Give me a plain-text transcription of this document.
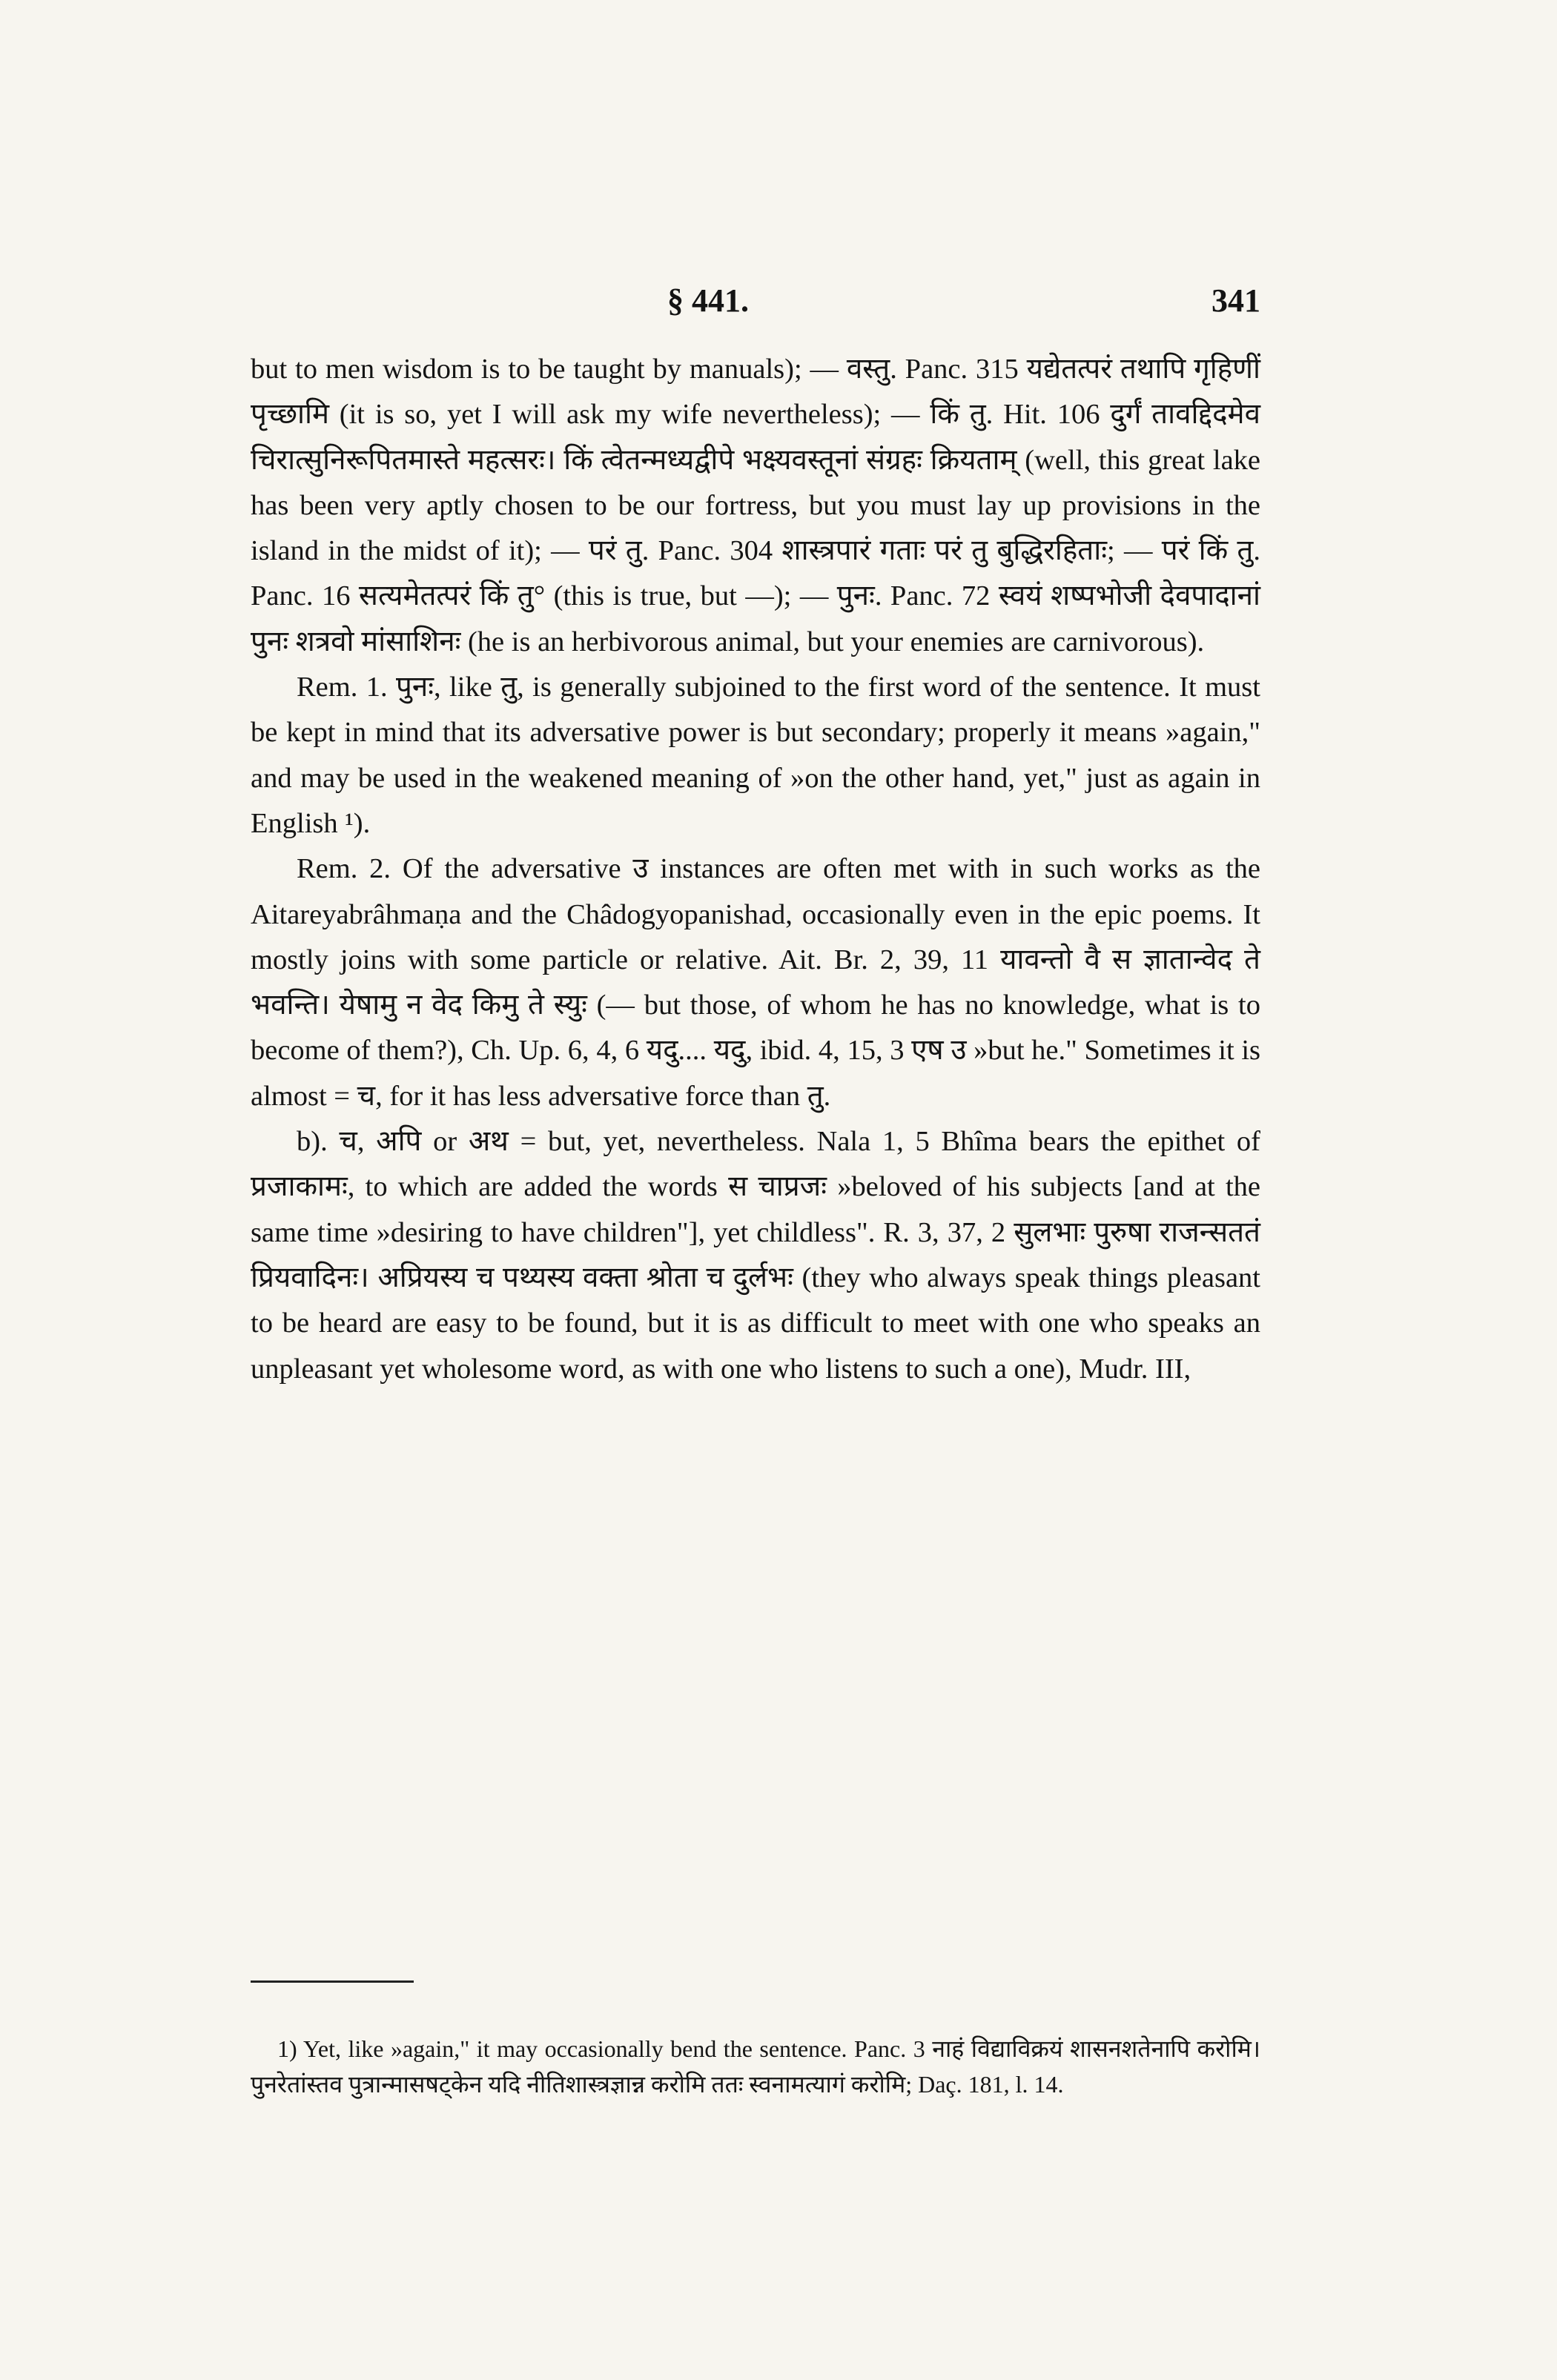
§ 441.	341

but to men wisdom is to be taught by manuals); — वस्तु. Panc. 315 यद्येतत्परं तथापि गृहिणीं पृच्छामि (it is so, yet I will ask my wife nevertheless); — किं तु. Hit. 106 दुर्गं तावद्दिदमेव चिरात्सुनिरूपितमास्ते महत्सरः। किं त्वेतन्मध्यद्वीपे भक्ष्यवस्तूनां संग्रहः क्रियताम् (well, this great lake has been very aptly chosen to be our fortress, but you must lay up provisions in the island in the midst of it); — परं तु. Panc. 304 शास्त्रपारं गताः परं तु बुद्धिरहिताः; — परं किं तु. Panc. 16 सत्यमेतत्परं किं तु° (this is true, but —); — पुनः. Panc. 72 स्वयं शष्पभोजी देवपादानां पुनः शत्रवो मांसाशिनः (he is an herbivorous animal, but your enemies are carnivorous).

Rem. 1. पुनः, like तु, is generally subjoined to the first word of the sentence. It must be kept in mind that its adversative power is but secondary; properly it means »again," and may be used in the weakened meaning of »on the other hand, yet," just as again in English ¹).

Rem. 2. Of the adversative उ instances are often met with in such works as the Aitareyabrâhmaṇa and the Châdogyopanishad, occasionally even in the epic poems. It mostly joins with some particle or relative. Ait. Br. 2, 39, 11 यावन्तो वै स ज्ञातान्वेद ते भवन्ति। येषामु न वेद किमु ते स्युः (— but those, of whom he has no knowledge, what is to become of them?), Ch. Up. 6, 4, 6 यदु.... यदु, ibid. 4, 15, 3 एष उ »but he." Sometimes it is almost = च, for it has less adversative force than तु.

b). च, अपि or अथ = but, yet, nevertheless. Nala 1, 5 Bhîma bears the epithet of प्रजाकामः, to which are added the words स चाप्रजः »beloved of his subjects [and at the same time »desiring to have children"], yet childless". R. 3, 37, 2 सुलभाः पुरुषा राजन्सततं प्रियवादिनः। अप्रियस्य च पथ्यस्य वक्ता श्रोता च दुर्लभः (they who always speak things pleasant to be heard are easy to be found, but it is as difficult to meet with one who speaks an unpleasant yet wholesome word, as with one who listens to such a one), Mudr. III,

1) Yet, like »again," it may occasionally bend the sentence. Panc. 3 नाहं विद्याविक्रयं शासनशतेनापि करोमि। पुनरेतांस्तव पुत्रान्मासषट्केन यदि नीतिशास्त्रज्ञान्न करोमि ततः स्वनामत्यागं करोमि; Daç. 181, l. 14.
